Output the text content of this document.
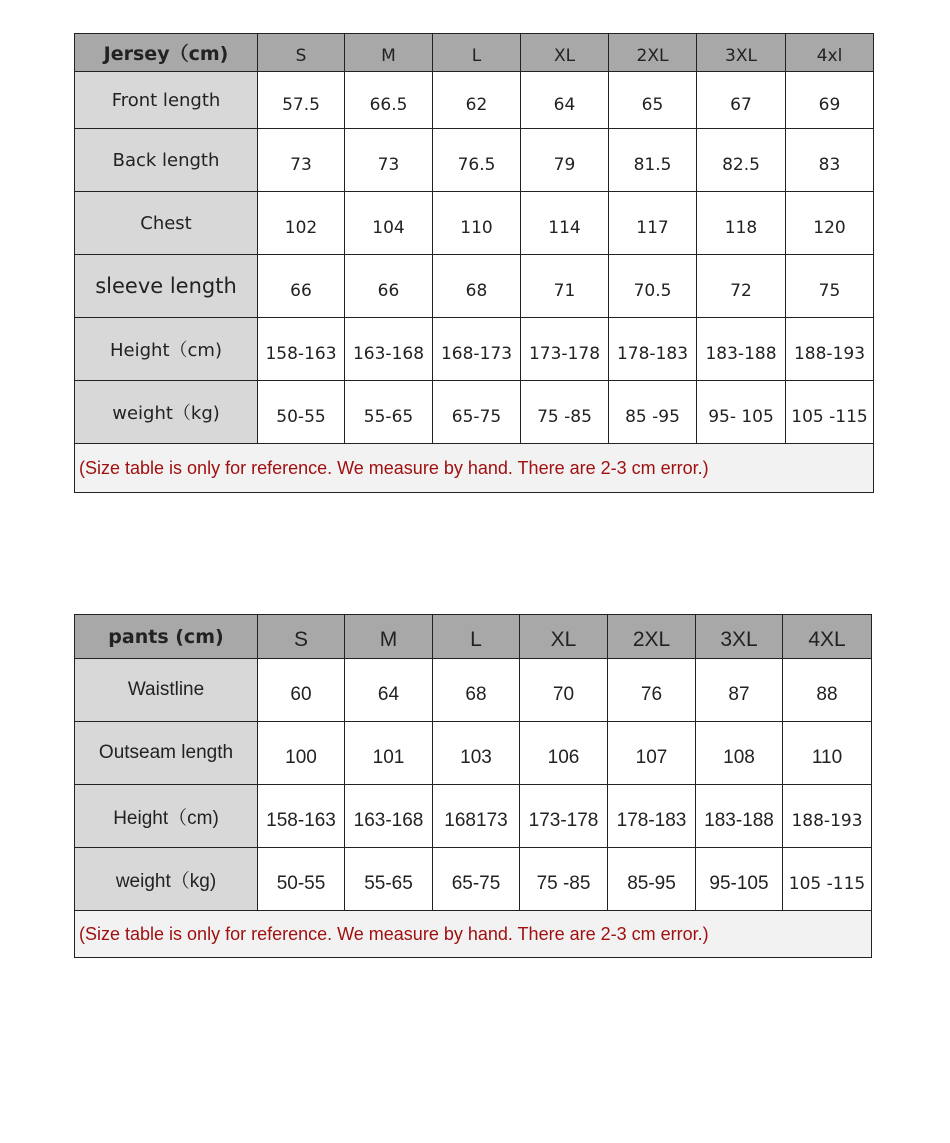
Jersey（cm)	S	M	L	XL	2XL	3XL	4xl
Front length	57.5	66.5	62	64	65	67	69
Back length	73	73	76.5	79	81.5	82.5	83
Chest	102	104	110	114	117	118	120
sleeve length	66	66	68	71	70.5	72	75
Height（cm)	158-163	163-168	168-173	173-178	178-183	183-188	188-193
weight（kg)	50-55	55-65	65-75	75 -85	85 -95	95- 105	105 -115
(Size table is only for reference. We measure by hand. There are 2-3 cm error.)							
pants (cm)	S	M	L	XL	2XL	3XL	4XL
Waistline	60	64	68	70	76	87	88
Outseam length	100	101	103	106	107	108	110
Height（cm)	158-163	163-168	168173	173-178	178-183	183-188	188-193
weight（kg)	50-55	55-65	65-75	75 -85	85-95	95-105	105 -115
(Size table is only for reference. We measure by hand. There are 2-3 cm error.)							
